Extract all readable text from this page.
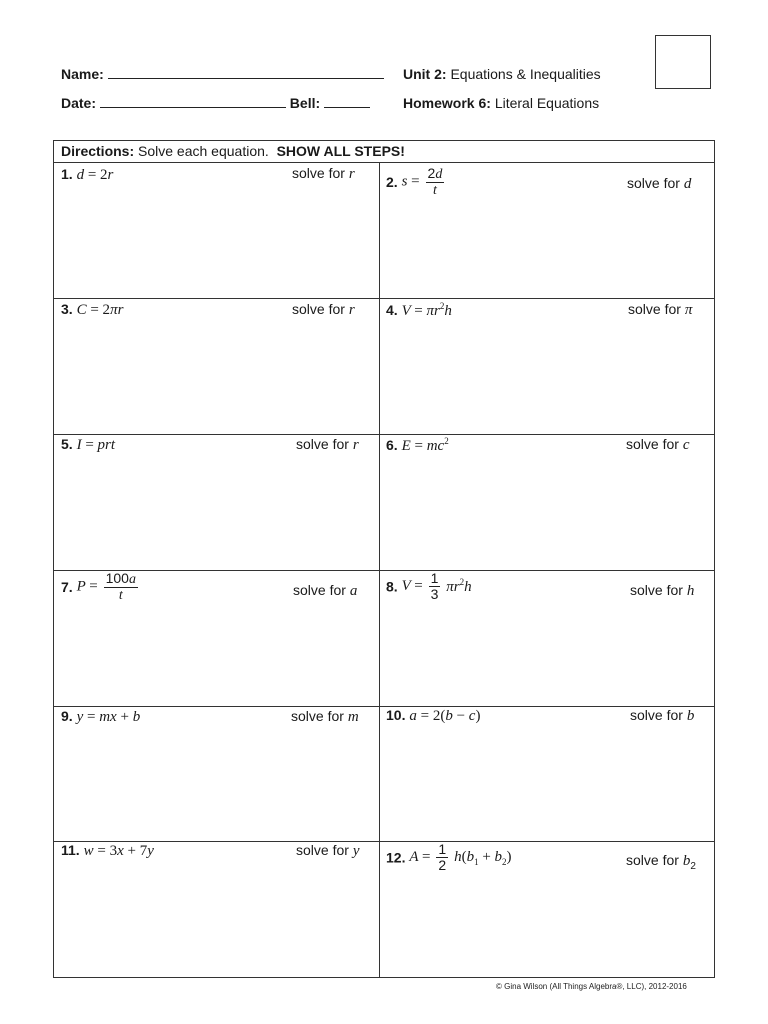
Name:
Date:	Bell:
Unit 2: Equations & Inequalities
Homework 6: Literal Equations
Directions: Solve each equation.  SHOW ALL STEPS!
1. d = 2r	solve for r 2. $s = \frac{2d}{t}$	solve for d
3. C = 2πr	solve for r 4. $V = \pi r^2h$	solve for π
5. I = prt	solve for r 6. $E = mc^2$	solve for c
7. $P = \frac{100a}{t}$	solve for a 8. $V = \frac{1}{3} \pi r^2h$	solve for h
9. y = mx + b	solve for m 10. a = 2(b − c)	solve for b
11. w = 3x + 7y	solve for y 12. $A = \frac{1}{2} h(b_1 + b_2)$	solve for $b_2$
© Gina Wilson (All Things Algebra®, LLC), 2012-2016
